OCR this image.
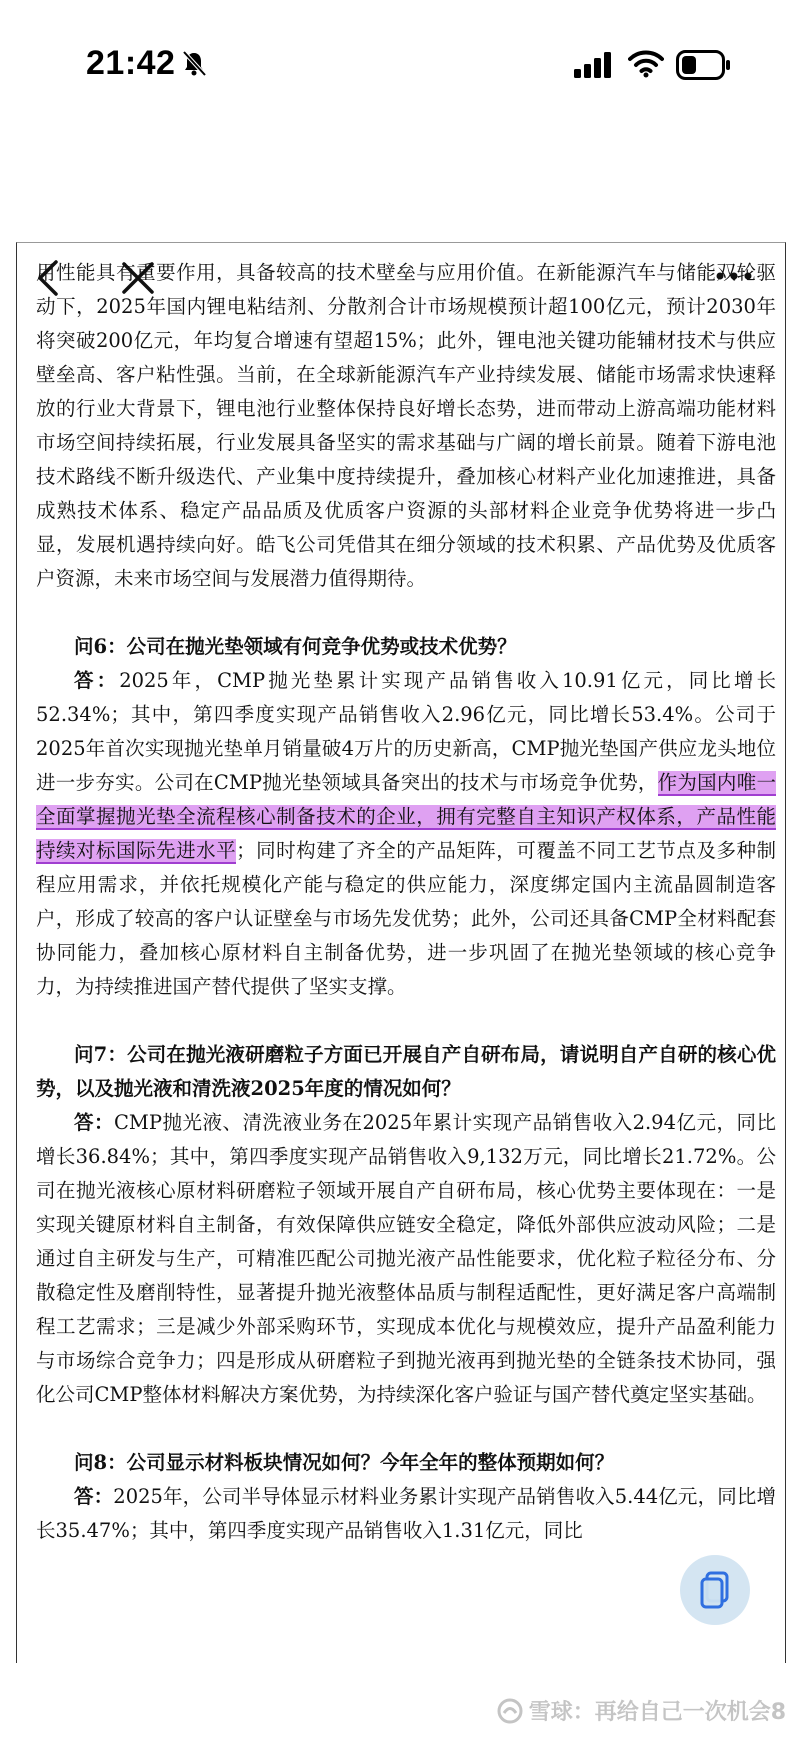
21:42

用性能具有重要作用，具备较高的技术壁垒与应用价值。在新能源汽车与储能双轮驱动下，2025年国内锂电粘结剂、分散剂合计市场规模预计超100亿元，预计2030年将突破200亿元，年均复合增速有望超15%；此外，锂电池关键功能辅材技术与供应壁垒高、客户粘性强。当前，在全球新能源汽车产业持续发展、储能市场需求快速释放的行业大背景下，锂电池行业整体保持良好增长态势，进而带动上游高端功能材料市场空间持续拓展，行业发展具备坚实的需求基础与广阔的增长前景。随着下游电池技术路线不断升级迭代、产业集中度持续提升，叠加核心材料产业化加速推进，具备成熟技术体系、稳定产品品质及优质客户资源的头部材料企业竞争优势将进一步凸显，发展机遇持续向好。皓飞公司凭借其在细分领域的技术积累、产品优势及优质客户资源，未来市场空间与发展潜力值得期待。

问6：公司在抛光垫领域有何竞争优势或技术优势？

答：2025年，CMP抛光垫累计实现产品销售收入10.91亿元，同比增长52.34%；其中，第四季度实现产品销售收入2.96亿元，同比增长53.4%。公司于2025年首次实现抛光垫单月销量破4万片的历史新高，CMP抛光垫国产供应龙头地位进一步夯实。公司在CMP抛光垫领域具备突出的技术与市场竞争优势，作为国内唯一全面掌握抛光垫全流程核心制备技术的企业，拥有完整自主知识产权体系，产品性能持续对标国际先进水平；同时构建了齐全的产品矩阵，可覆盖不同工艺节点及多种制程应用需求，并依托规模化产能与稳定的供应能力，深度绑定国内主流晶圆制造客户，形成了较高的客户认证壁垒与市场先发优势；此外，公司还具备CMP全材料配套协同能力，叠加核心原材料自主制备优势，进一步巩固了在抛光垫领域的核心竞争力，为持续推进国产替代提供了坚实支撑。

问7：公司在抛光液研磨粒子方面已开展自产自研布局，请说明自产自研的核心优势，以及抛光液和清洗液2025年度的情况如何？

答：CMP抛光液、清洗液业务在2025年累计实现产品销售收入2.94亿元，同比增长36.84%；其中，第四季度实现产品销售收入9,132万元，同比增长21.72%。公司在抛光液核心原材料研磨粒子领域开展自产自研布局，核心优势主要体现在：一是实现关键原材料自主制备，有效保障供应链安全稳定，降低外部供应波动风险；二是通过自主研发与生产，可精准匹配公司抛光液产品性能要求，优化粒子粒径分布、分散稳定性及磨削特性，显著提升抛光液整体品质与制程适配性，更好满足客户高端制程工艺需求；三是减少外部采购环节，实现成本优化与规模效应，提升产品盈利能力与市场综合竞争力；四是形成从研磨粒子到抛光液再到抛光垫的全链条技术协同，强化公司CMP整体材料解决方案优势，为持续深化客户验证与国产替代奠定坚实基础。

问8：公司显示材料板块情况如何？今年全年的整体预期如何？

答：2025年，公司半导体显示材料业务累计实现产品销售收入5.44亿元，同比增长35.47%；其中，第四季度实现产品销售收入1.31亿元，同比

雪球：再给自己一次机会8
